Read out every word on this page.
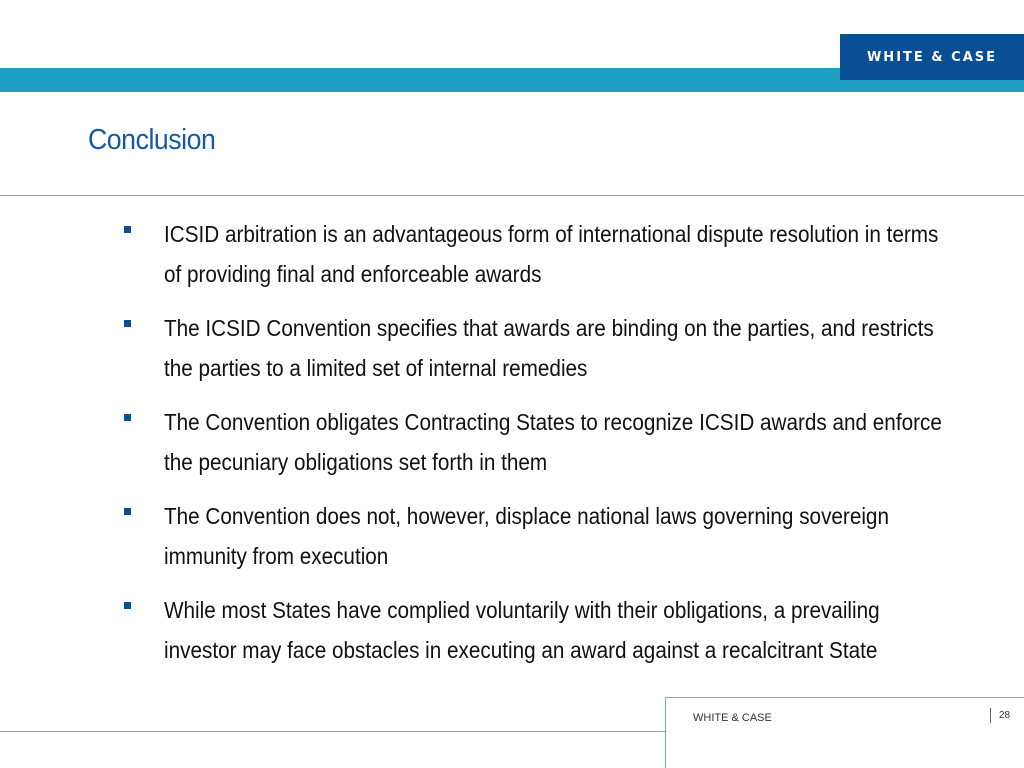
WHITE & CASE
Conclusion
ICSID arbitration is an advantageous form of international dispute resolution in terms of providing final and enforceable awards
The ICSID Convention specifies that awards are binding on the parties, and restricts the parties to a limited set of internal remedies
The Convention obligates Contracting States to recognize ICSID awards and enforce the pecuniary obligations set forth in them
The Convention does not, however, displace national laws governing sovereign immunity from execution
While most States have complied voluntarily with their obligations, a prevailing investor may face obstacles in executing an award against a recalcitrant State
WHITE & CASE	28
